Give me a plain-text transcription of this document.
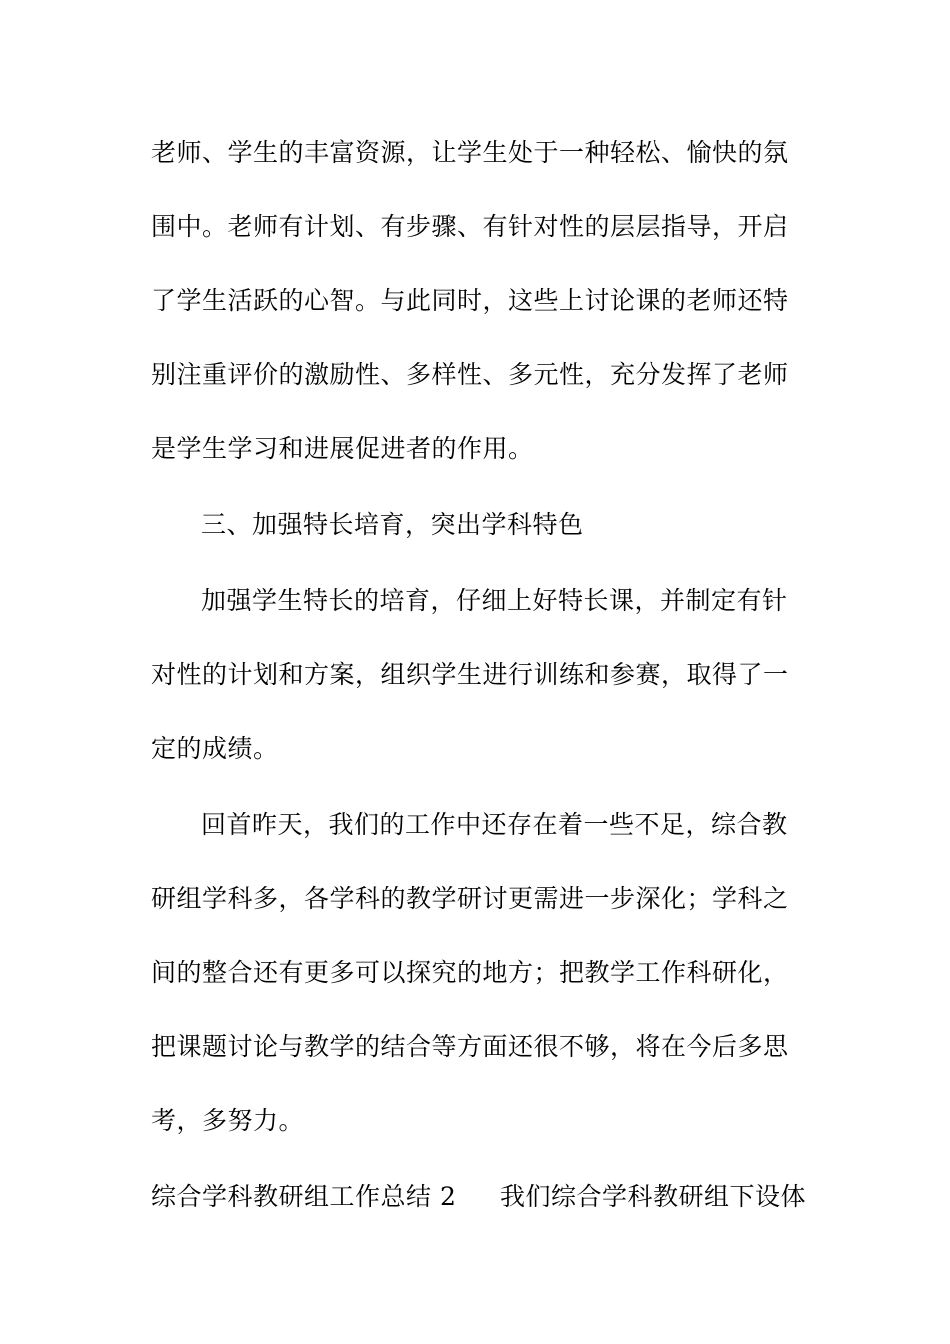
老师、学生的丰富资源，让学生处于一种轻松、愉快的氛
围中。老师有计划、有步骤、有针对性的层层指导，开启
了学生活跃的心智。与此同时，这些上讨论课的老师还特
别注重评价的激励性、多样性、多元性，充分发挥了老师
是学生学习和进展促进者的作用。
三、加强特长培育，突出学科特色
加强学生特长的培育，仔细上好特长课，并制定有针
对性的计划和方案，组织学生进行训练和参赛，取得了一
定的成绩。
回首昨天，我们的工作中还存在着一些不足，综合教
研组学科多，各学科的教学研讨更需进一步深化；学科之
间的整合还有更多可以探究的地方；把教学工作科研化，
把课题讨论与教学的结合等方面还很不够，将在今后多思
考，多努力。
综合学科教研组工作总结 2 我们综合学科教研组下设体
